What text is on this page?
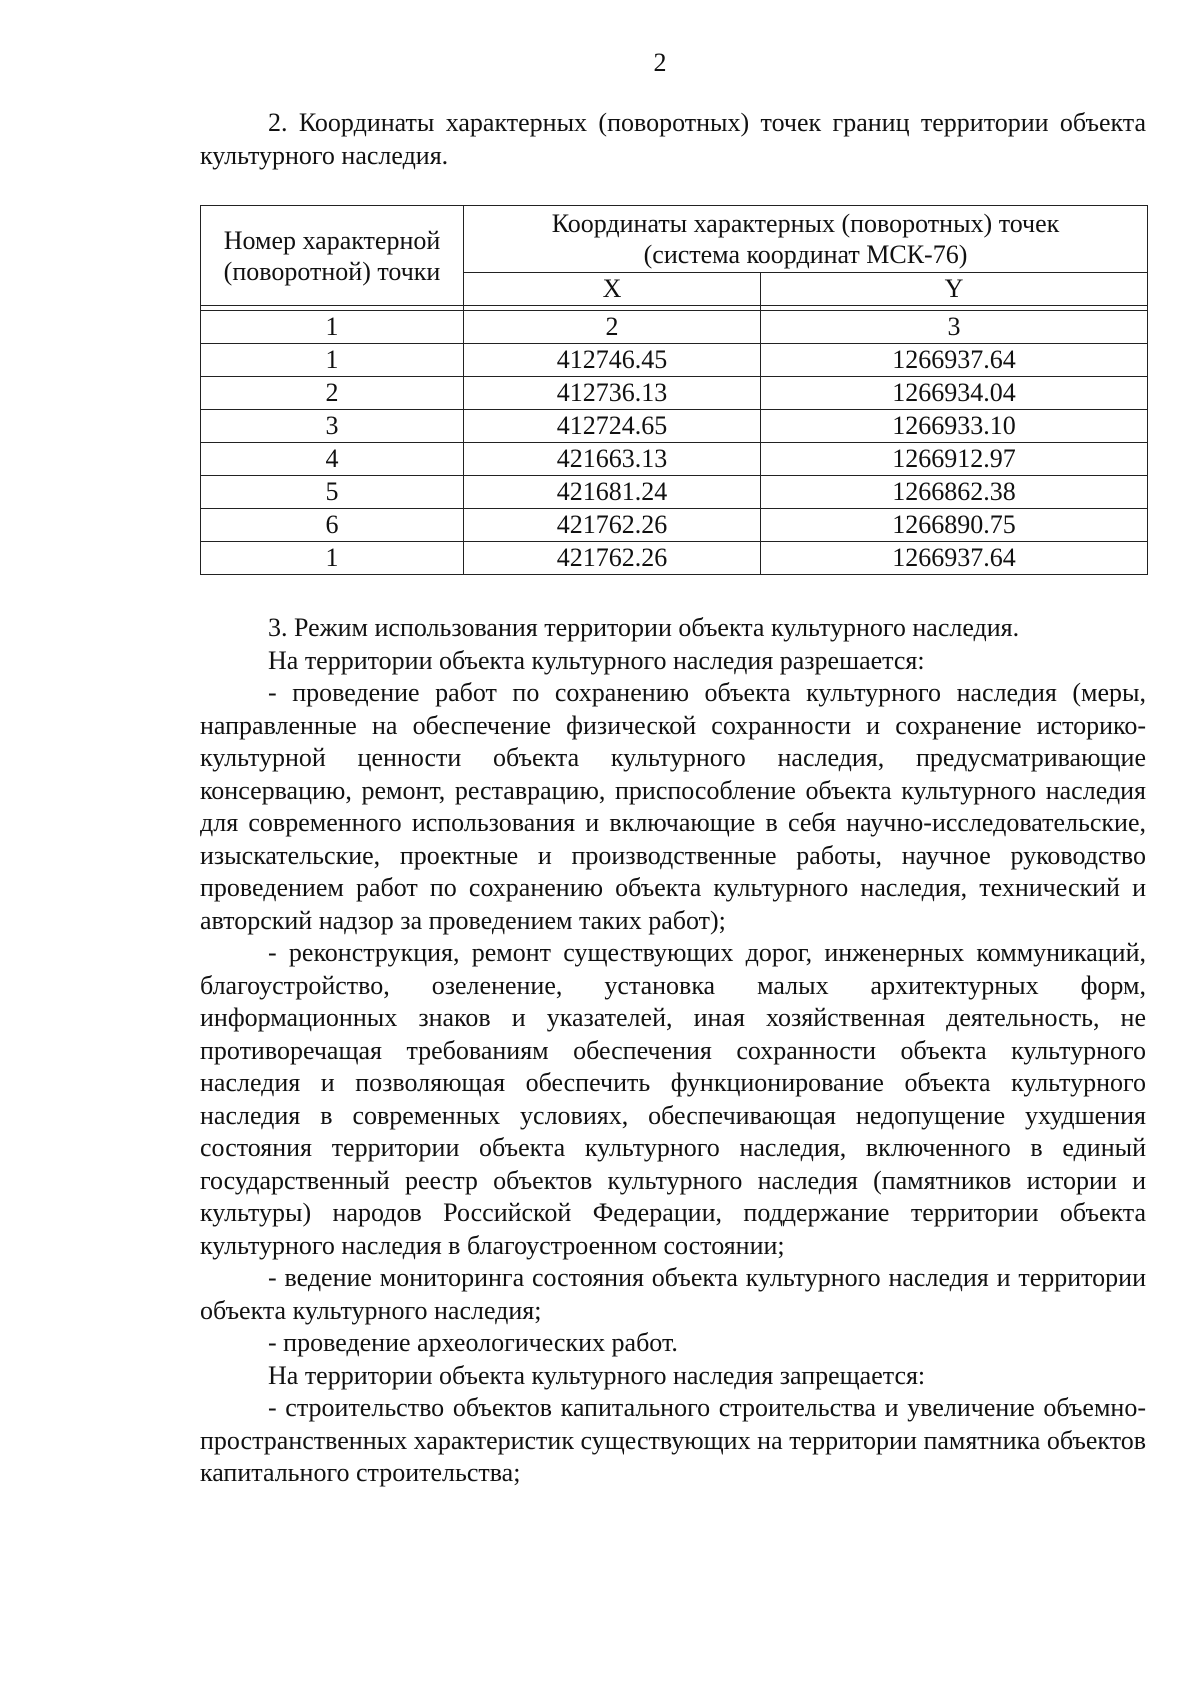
2

2. Координаты характерных (поворотных) точек границ территории объекта культурного наследия.

Номер характерной (поворотной) точки	Координаты характерных (поворотных) точек
(система координат МСК-76)	
	X	Y

1	2	3
1	412746.45	1266937.64
2	412736.13	1266934.04
3	412724.65	1266933.10
4	421663.13	1266912.97
5	421681.24	1266862.38
6	421762.26	1266890.75
1	421762.26	1266937.64

3. Режим использования территории объекта культурного наследия.

На территории объекта культурного наследия разрешается:

- проведение работ по сохранению объекта культурного наследия (меры, направленные на обеспечение физической сохранности и сохранение историко-культурной ценности объекта культурного наследия, предусматривающие консервацию, ремонт, реставрацию, приспособление объекта культурного наследия для современного использования и включающие в себя научно-исследовательские, изыскательские, проектные и производственные работы, научное руководство проведением работ по сохранению объекта культурного наследия, технический и авторский надзор за проведением таких работ);

- реконструкция, ремонт существующих дорог, инженерных коммуникаций, благоустройство, озеленение, установка малых архитектурных форм, информационных знаков и указателей, иная хозяйственная деятельность, не противоречащая требованиям обеспечения сохранности объекта культурного наследия и позволяющая обеспечить функционирование объекта культурного наследия в современных условиях, обеспечивающая недопущение ухудшения состояния территории объекта культурного наследия, включенного в единый государственный реестр объектов культурного наследия (памятников истории и культуры) народов Российской Федерации, поддержание территории объекта культурного наследия в благоустроенном состоянии;

- ведение мониторинга состояния объекта культурного наследия и территории объекта культурного наследия;

- проведение археологических работ.

На территории объекта культурного наследия запрещается:

- строительство объектов капитального строительства и увеличение объемно-пространственных характеристик существующих на территории памятника объектов капитального строительства;
